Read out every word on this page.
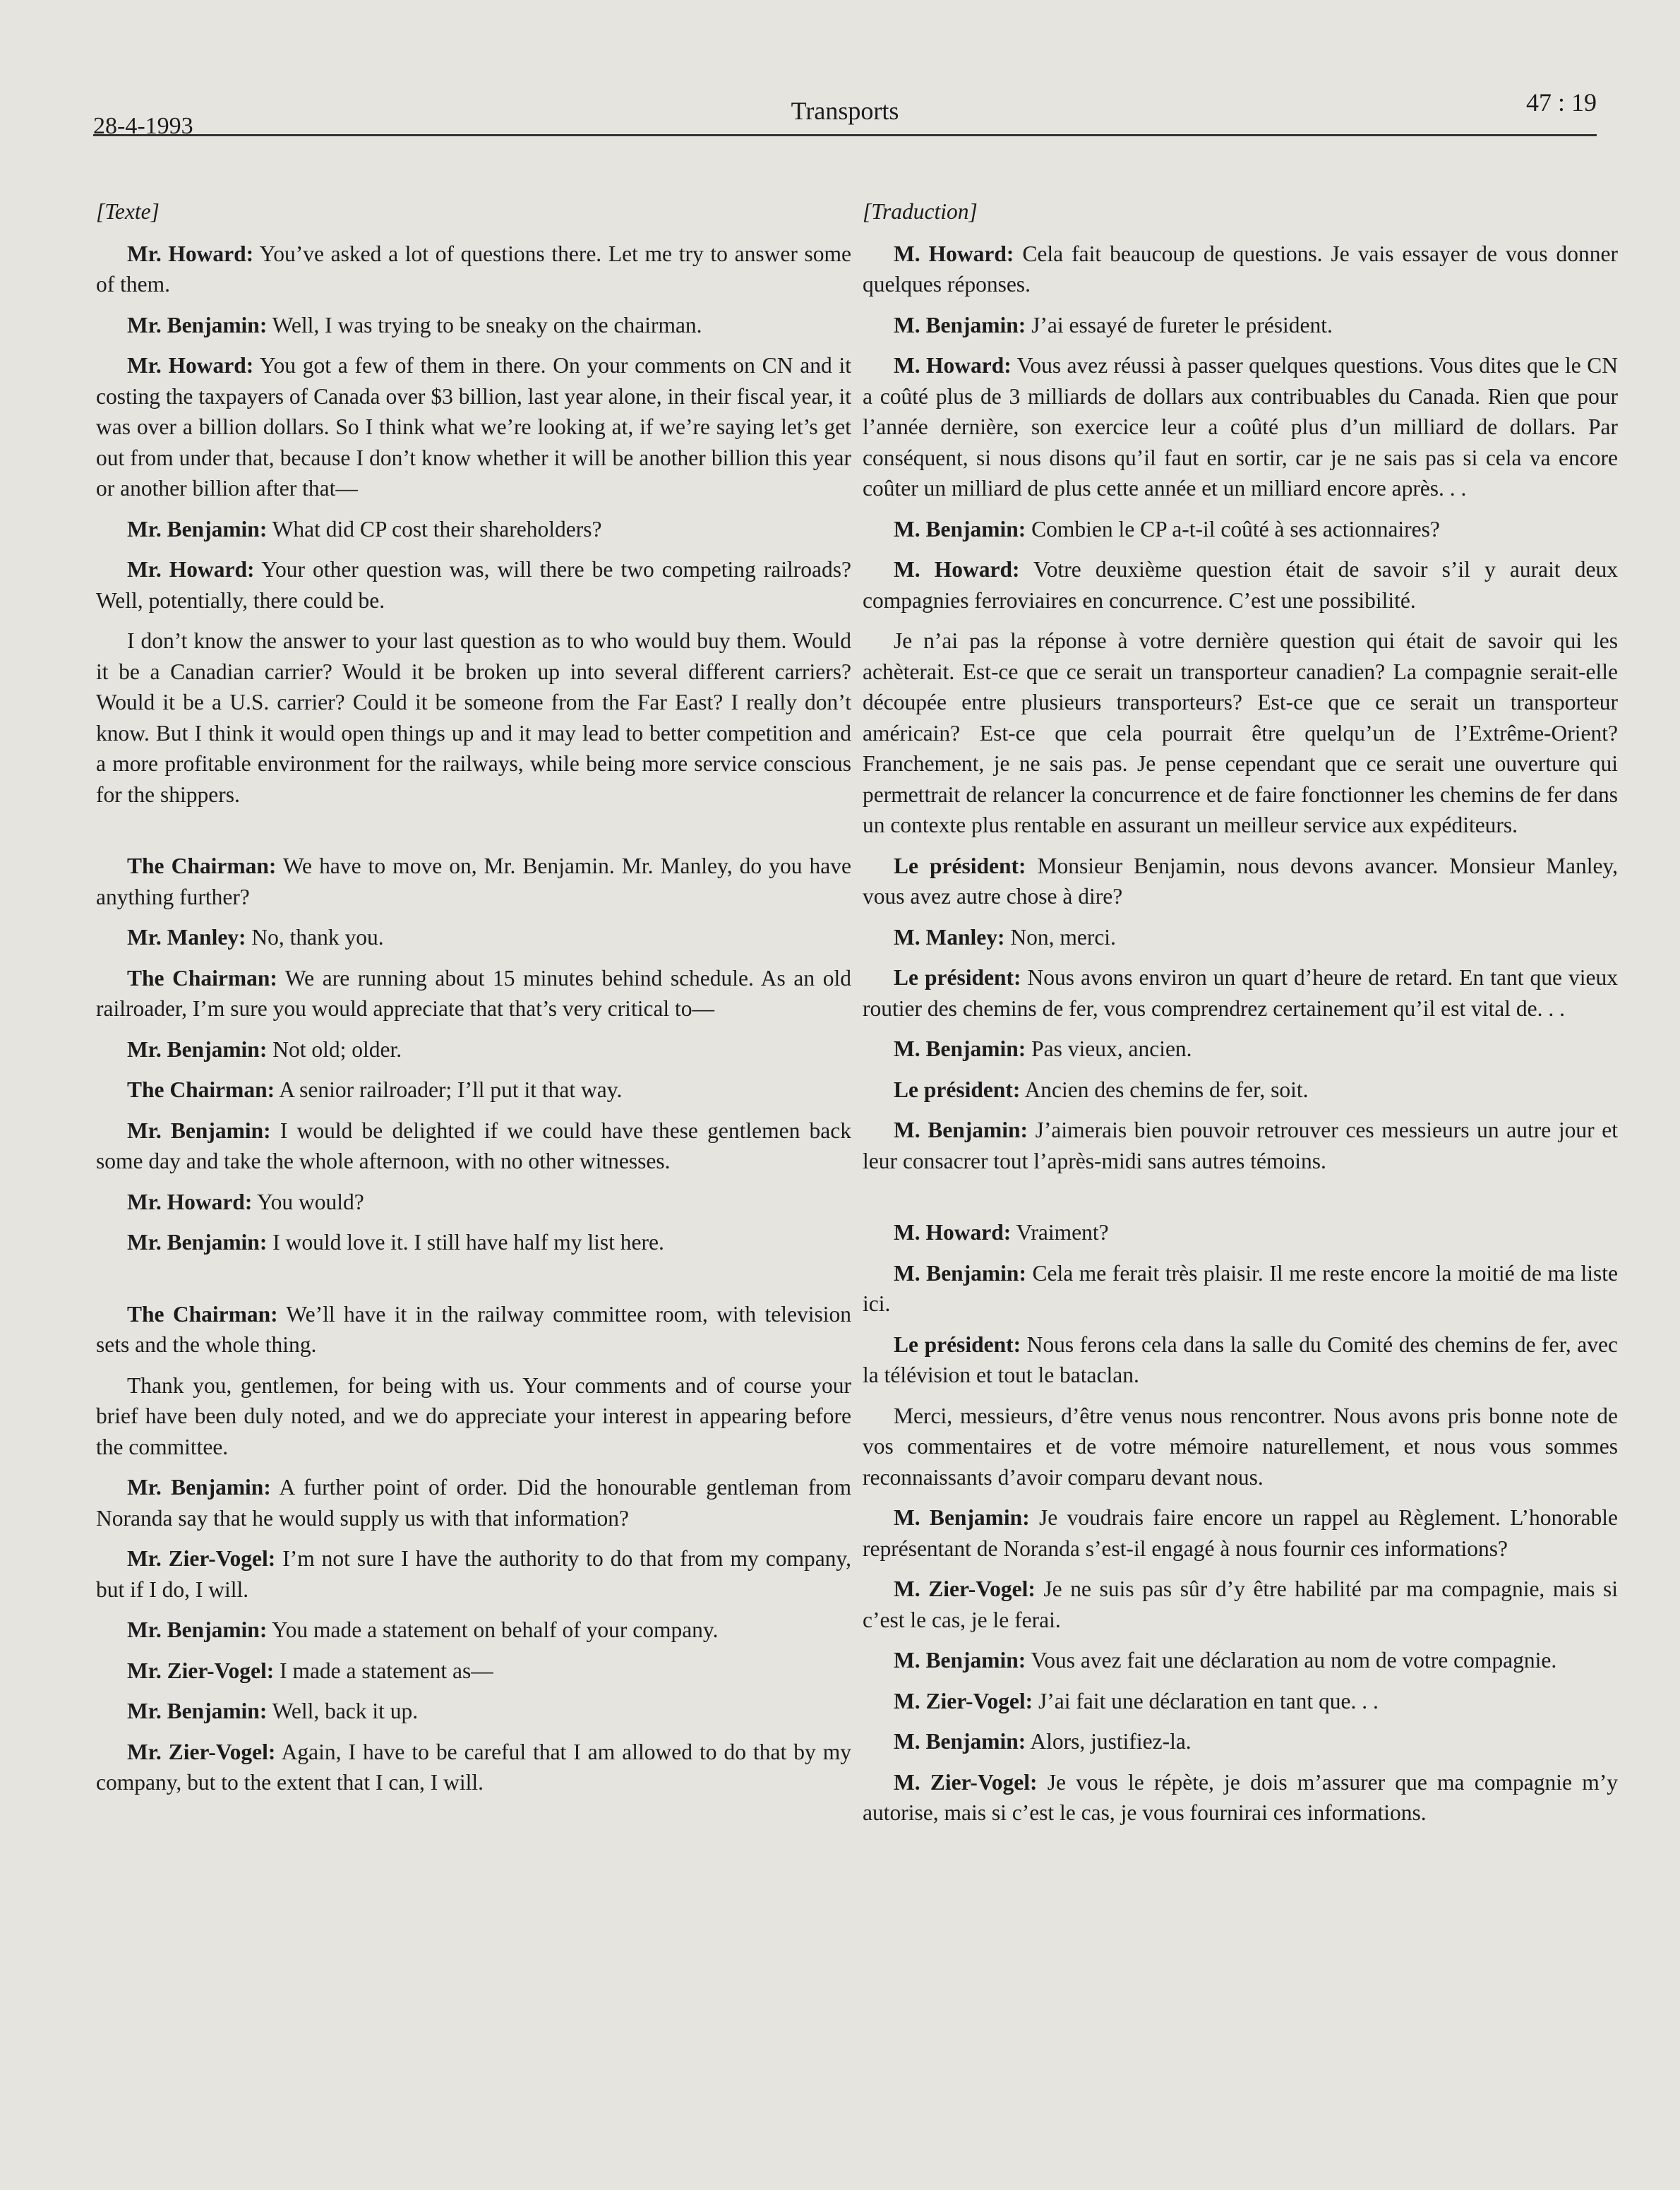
28-4-1993
Transports	47 : 19

[Texte]

Mr. Howard: You’ve asked a lot of questions there. Let me try to answer some of them.

Mr. Benjamin: Well, I was trying to be sneaky on the chairman.

Mr. Howard: You got a few of them in there. On your comments on CN and it costing the taxpayers of Canada over $3 billion, last year alone, in their fiscal year, it was over a billion dollars. So I think what we’re looking at, if we’re saying let’s get out from under that, because I don’t know whether it will be another billion this year or another billion after that—

Mr. Benjamin: What did CP cost their shareholders?

Mr. Howard: Your other question was, will there be two competing railroads? Well, potentially, there could be.

I don’t know the answer to your last question as to who would buy them. Would it be a Canadian carrier? Would it be broken up into several different carriers? Would it be a U.S. carrier? Could it be someone from the Far East? I really don’t know. But I think it would open things up and it may lead to better competition and a more profitable environment for the railways, while being more service conscious for the shippers.

The Chairman: We have to move on, Mr. Benjamin. Mr. Manley, do you have anything further?

Mr. Manley: No, thank you.

The Chairman: We are running about 15 minutes behind schedule. As an old railroader, I’m sure you would appreciate that that’s very critical to—

Mr. Benjamin: Not old; older.

The Chairman: A senior railroader; I’ll put it that way.

Mr. Benjamin: I would be delighted if we could have these gentlemen back some day and take the whole afternoon, with no other witnesses.

Mr. Howard: You would?

Mr. Benjamin: I would love it. I still have half my list here.

The Chairman: We’ll have it in the railway committee room, with television sets and the whole thing.

Thank you, gentlemen, for being with us. Your comments and of course your brief have been duly noted, and we do appreciate your interest in appearing before the committee.

Mr. Benjamin: A further point of order. Did the honourable gentleman from Noranda say that he would supply us with that information?

Mr. Zier-Vogel: I’m not sure I have the authority to do that from my company, but if I do, I will.

Mr. Benjamin: You made a statement on behalf of your company.

Mr. Zier-Vogel: I made a statement as—

Mr. Benjamin: Well, back it up.

Mr. Zier-Vogel: Again, I have to be careful that I am allowed to do that by my company, but to the extent that I can, I will.

[Traduction]

M. Howard: Cela fait beaucoup de questions. Je vais essayer de vous donner quelques réponses.

M. Benjamin: J’ai essayé de fureter le président.

M. Howard: Vous avez réussi à passer quelques questions. Vous dites que le CN a coûté plus de 3 milliards de dollars aux contribuables du Canada. Rien que pour l’année dernière, son exercice leur a coûté plus d’un milliard de dollars. Par conséquent, si nous disons qu’il faut en sortir, car je ne sais pas si cela va encore coûter un milliard de plus cette année et un milliard encore après. . .

M. Benjamin: Combien le CP a-t-il coûté à ses actionnaires?

M. Howard: Votre deuxième question était de savoir s’il y aurait deux compagnies ferroviaires en concurrence. C’est une possibilité.

Je n’ai pas la réponse à votre dernière question qui était de savoir qui les achèterait. Est-ce que ce serait un transporteur canadien? La compagnie serait-elle découpée entre plusieurs transporteurs? Est-ce que ce serait un transporteur américain? Est-ce que cela pourrait être quelqu’un de l’Extrême-Orient? Franchement, je ne sais pas. Je pense cependant que ce serait une ouverture qui permettrait de relancer la concurrence et de faire fonctionner les chemins de fer dans un contexte plus rentable en assurant un meilleur service aux expéditeurs.

Le président: Monsieur Benjamin, nous devons avancer. Monsieur Manley, vous avez autre chose à dire?

M. Manley: Non, merci.

Le président: Nous avons environ un quart d’heure de retard. En tant que vieux routier des chemins de fer, vous comprendrez certainement qu’il est vital de. . .

M. Benjamin: Pas vieux, ancien.

Le président: Ancien des chemins de fer, soit.

M. Benjamin: J’aimerais bien pouvoir retrouver ces messieurs un autre jour et leur consacrer tout l’après-midi sans autres témoins.

M. Howard: Vraiment?

M. Benjamin: Cela me ferait très plaisir. Il me reste encore la moitié de ma liste ici.

Le président: Nous ferons cela dans la salle du Comité des chemins de fer, avec la télévision et tout le bataclan.

Merci, messieurs, d’être venus nous rencontrer. Nous avons pris bonne note de vos commentaires et de votre mémoire naturellement, et nous vous sommes reconnaissants d’avoir comparu devant nous.

M. Benjamin: Je voudrais faire encore un rappel au Règlement. L’honorable représentant de Noranda s’est-il engagé à nous fournir ces informations?

M. Zier-Vogel: Je ne suis pas sûr d’y être habilité par ma compagnie, mais si c’est le cas, je le ferai.

M. Benjamin: Vous avez fait une déclaration au nom de votre compagnie.

M. Zier-Vogel: J’ai fait une déclaration en tant que. . .

M. Benjamin: Alors, justifiez-la.

M. Zier-Vogel: Je vous le répète, je dois m’assurer que ma compagnie m’y autorise, mais si c’est le cas, je vous fournirai ces informations.
